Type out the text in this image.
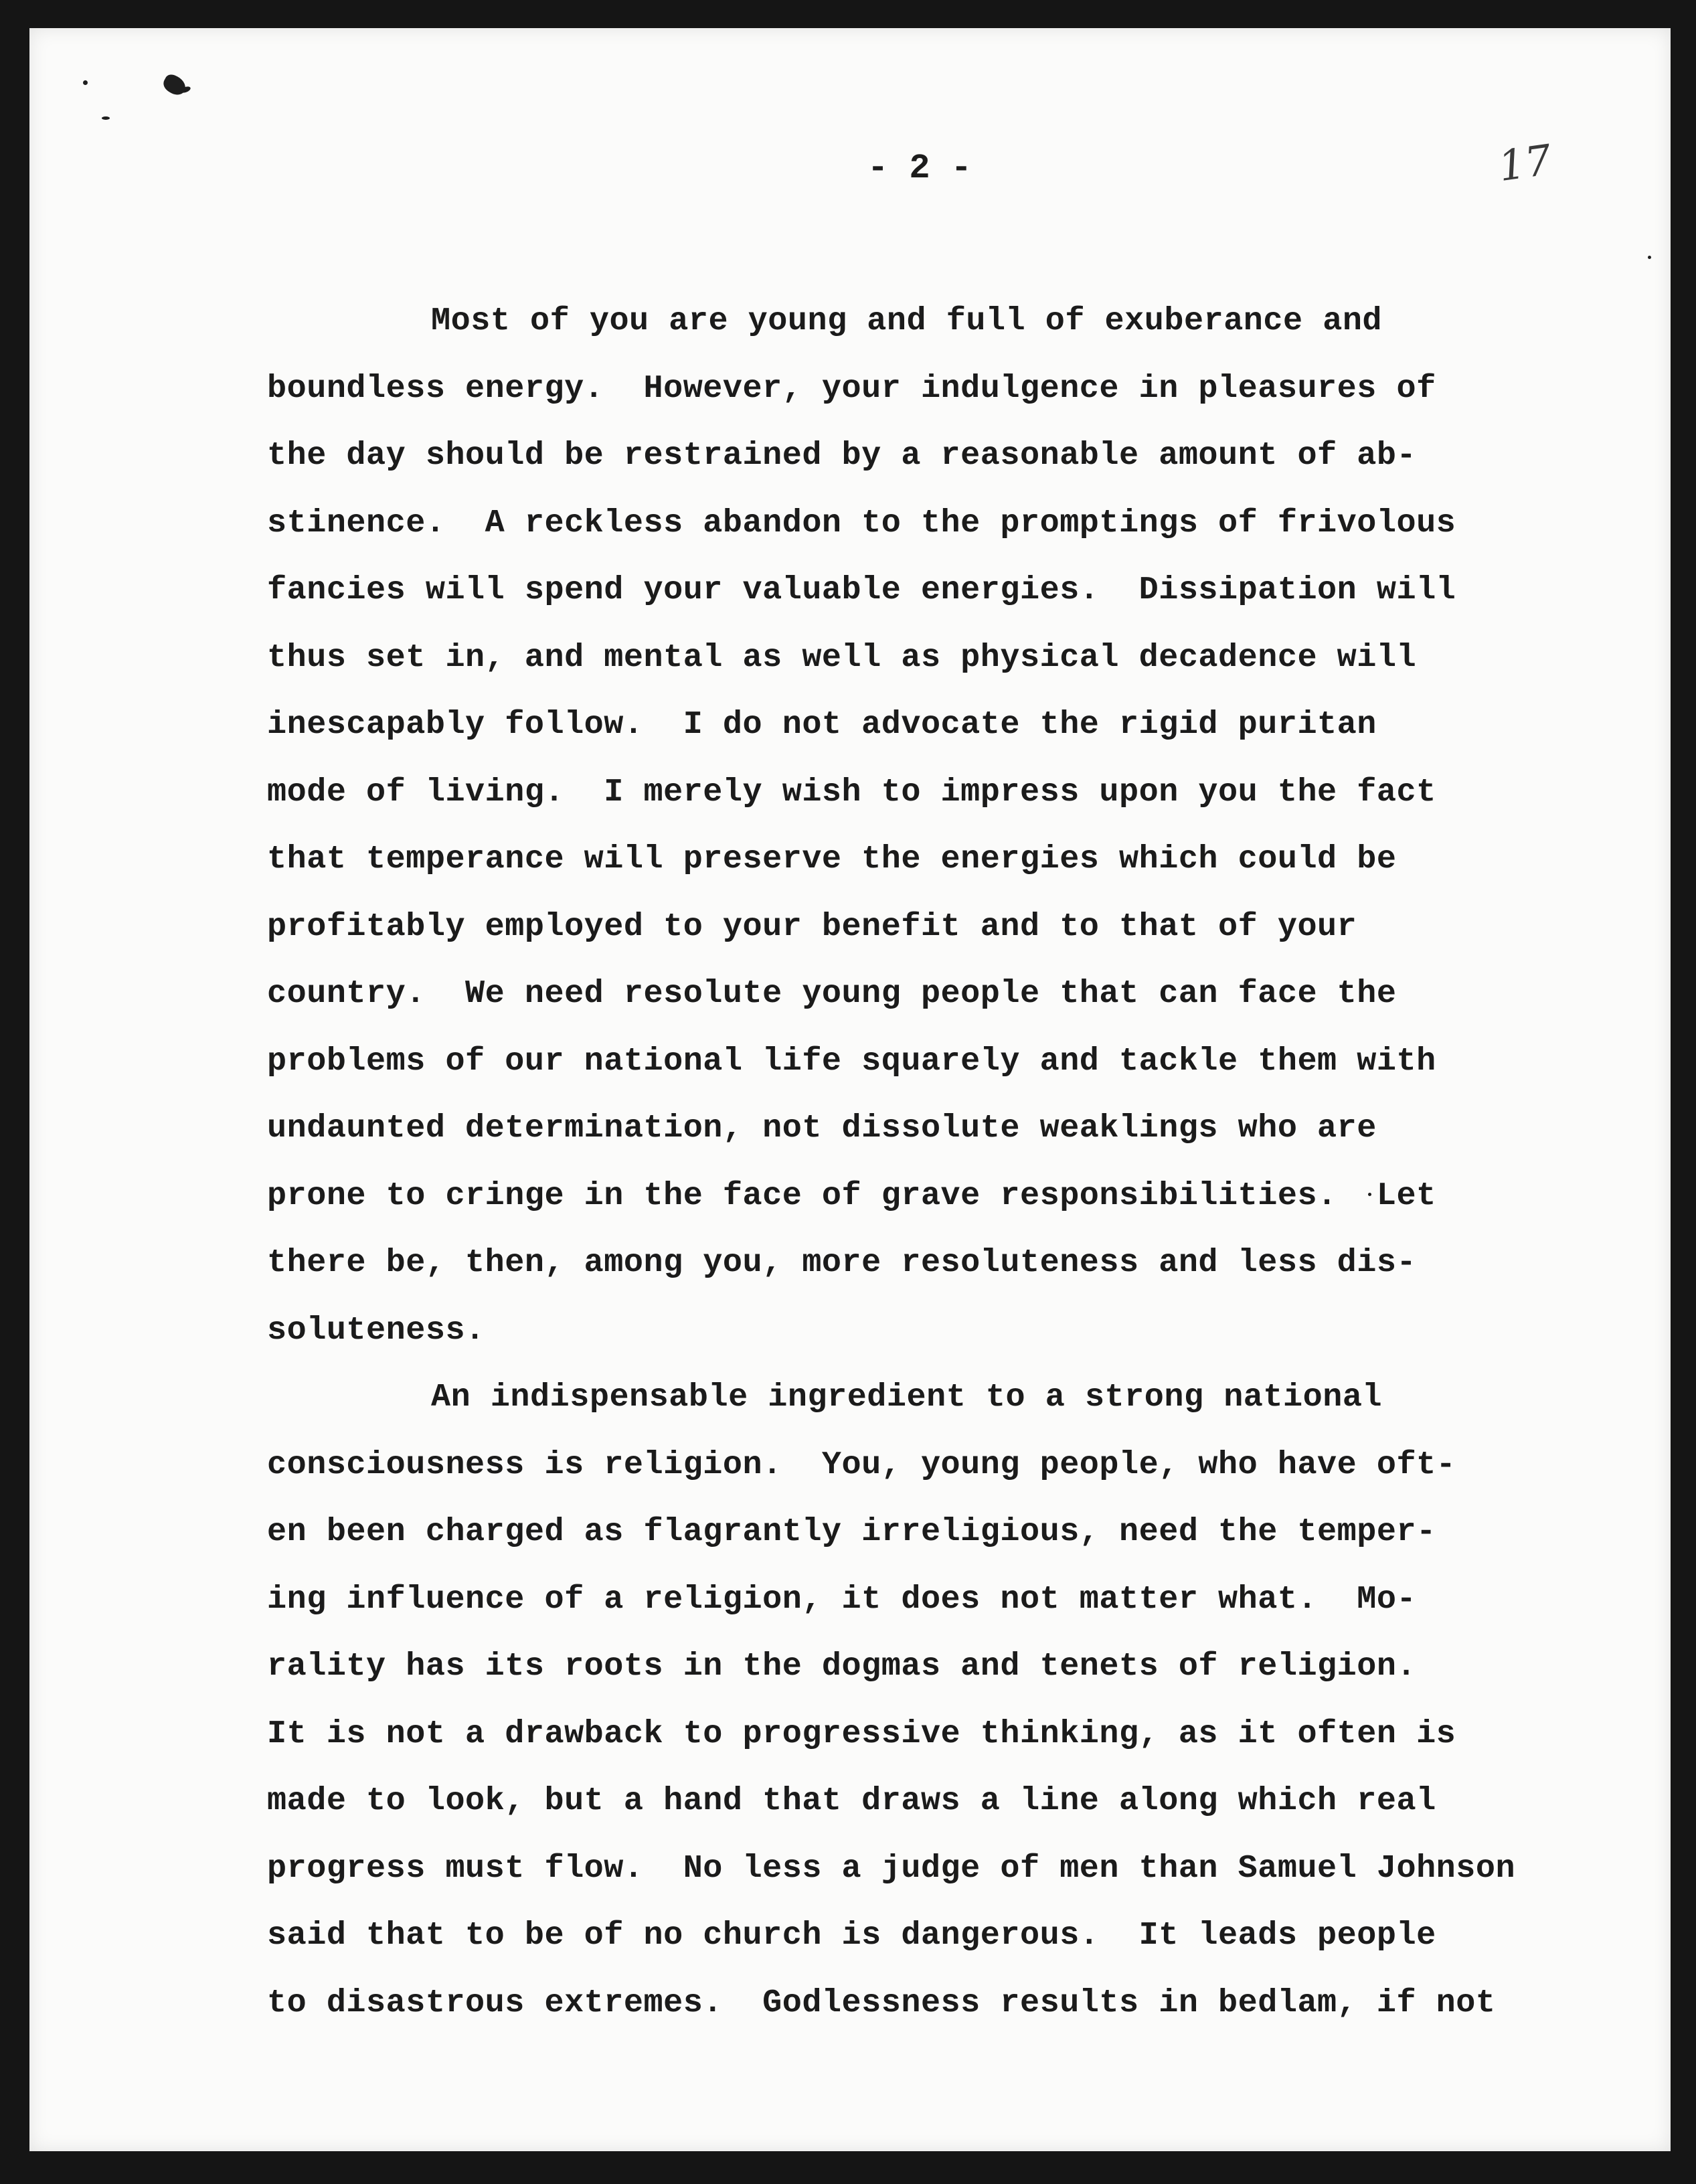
- 2 -	17
Most of you are young and full of exuberance and
boundless energy.  However, your indulgence in pleasures of
the day should be restrained by a reasonable amount of ab-
stinence.  A reckless abandon to the promptings of frivolous
fancies will spend your valuable energies.  Dissipation will
thus set in, and mental as well as physical decadence will
inescapably follow.  I do not advocate the rigid puritan
mode of living.  I merely wish to impress upon you the fact
that temperance will preserve the energies which could be
profitably employed to your benefit and to that of your
country.  We need resolute young people that can face the
problems of our national life squarely and tackle them with
undaunted determination, not dissolute weaklings who are
prone to cringe in the face of grave responsibilities.  Let
there be, then, among you, more resoluteness and less dis-
soluteness.
An indispensable ingredient to a strong national
consciousness is religion.  You, young people, who have oft-
en been charged as flagrantly irreligious, need the temper-
ing influence of a religion, it does not matter what.  Mo-
rality has its roots in the dogmas and tenets of religion.
It is not a drawback to progressive thinking, as it often is
made to look, but a hand that draws a line along which real
progress must flow.  No less a judge of men than Samuel Johnson
said that to be of no church is dangerous.  It leads people
to disastrous extremes.  Godlessness results in bedlam, if not
